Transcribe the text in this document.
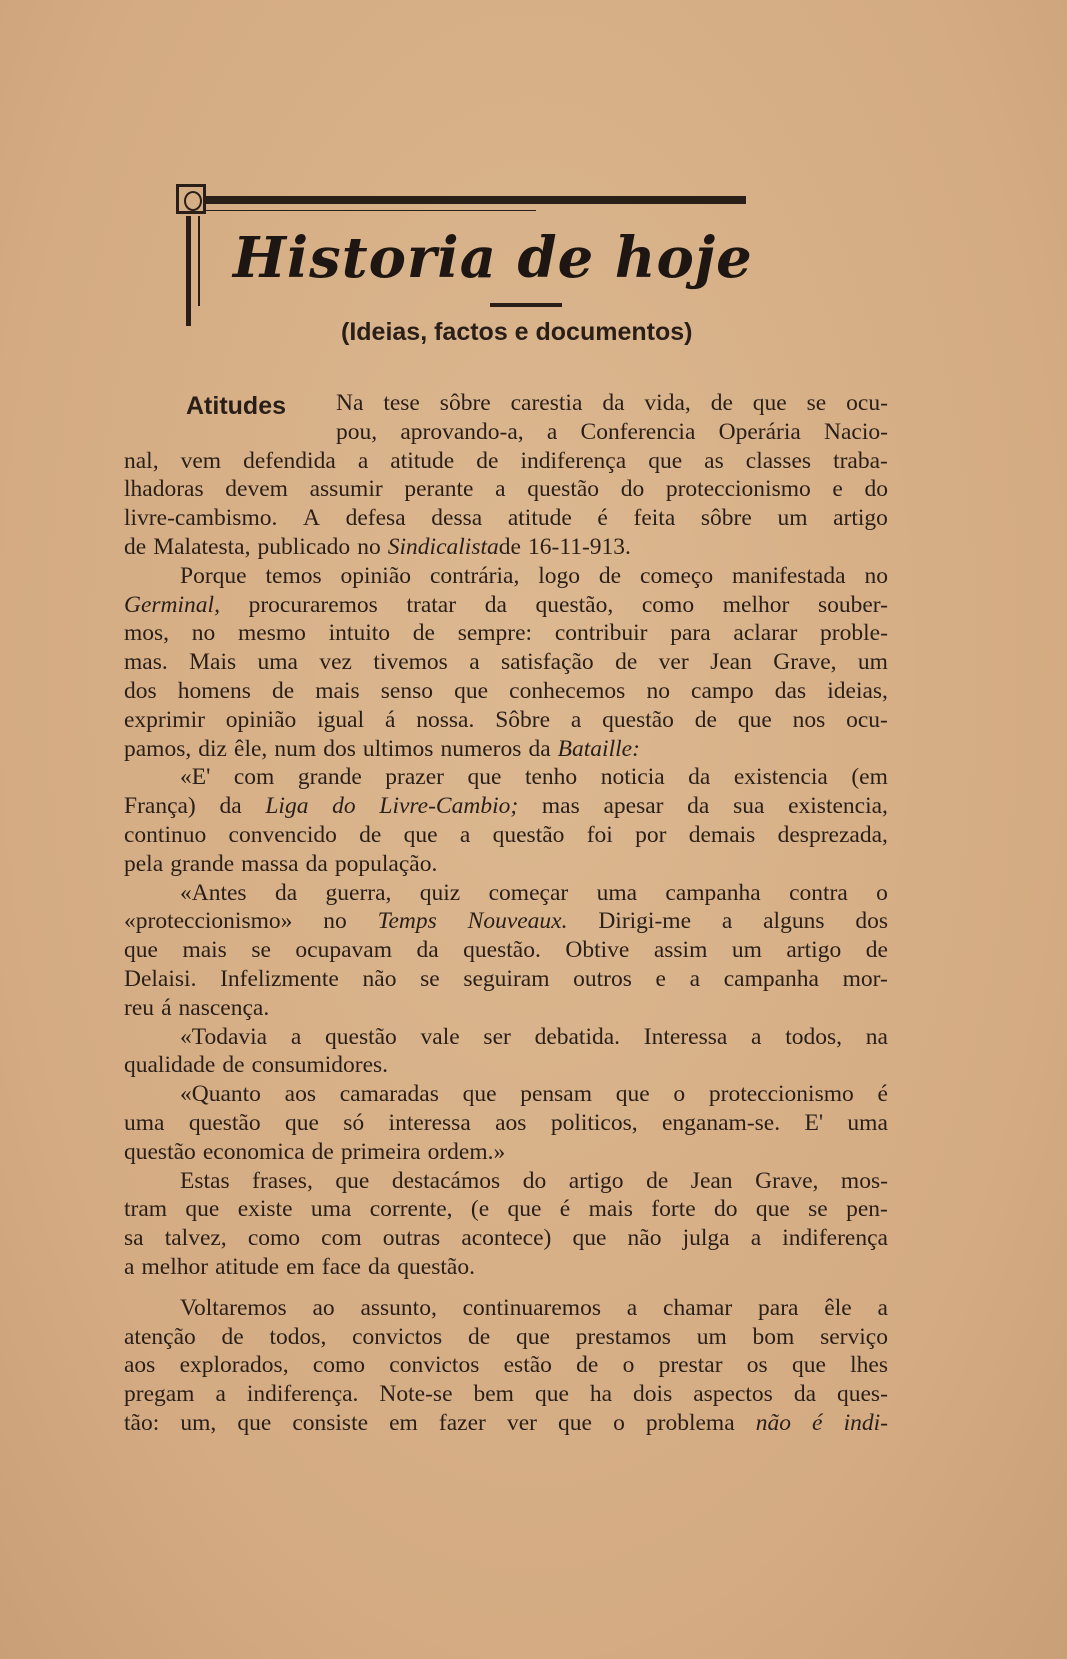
Historia de hoje
(Ideias, factos e documentos)
Atitudes Na tese sôbre carestia da vida, de que se ocu-
pou, aprovando-a, a Conferencia Operária Nacio-
nal, vem defendida a atitude de indiferença que as classes traba-
lhadoras devem assumir perante a questão do proteccionismo e do
livre-cambismo. A defesa dessa atitude é feita sôbre um artigo
de Malatesta, publicado no Sindicalista de 16-11-913.
Porque temos opinião contrária, logo de começo manifestada no
Germinal, procuraremos tratar da questão, como melhor souber-
mos, no mesmo intuito de sempre: contribuir para aclarar proble-
mas. Mais uma vez tivemos a satisfação de ver Jean Grave, um
dos homens de mais senso que conhecemos no campo das ideias,
exprimir opinião igual á nossa. Sôbre a questão de que nos ocu-
pamos, diz êle, num dos ultimos numeros da Bataille:
«E' com grande prazer que tenho noticia da existencia (em
França) da Liga do Livre-Cambio; mas apesar da sua existencia,
continuo convencido de que a questão foi por demais desprezada,
pela grande massa da população.
«Antes da guerra, quiz começar uma campanha contra o
«proteccionismo» no Temps Nouveaux. Dirigi-me a alguns dos
que mais se ocupavam da questão. Obtive assim um artigo de
Delaisi. Infelizmente não se seguiram outros e a campanha mor-
reu á nascença.
«Todavia a questão vale ser debatida. Interessa a todos, na
qualidade de consumidores.
«Quanto aos camaradas que pensam que o proteccionismo é
uma questão que só interessa aos politicos, enganam-se. E' uma
questão economica de primeira ordem.»
Estas frases, que destacámos do artigo de Jean Grave, mos-
tram que existe uma corrente, (e que é mais forte do que se pen-
sa talvez, como com outras acontece) que não julga a indiferença
a melhor atitude em face da questão.
Voltaremos ao assunto, continuaremos a chamar para êle a
atenção de todos, convictos de que prestamos um bom serviço
aos explorados, como convictos estão de o prestar os que lhes
pregam a indiferença. Note-se bem que ha dois aspectos da ques-
tão: um, que consiste em fazer ver que o problema não é indi-
